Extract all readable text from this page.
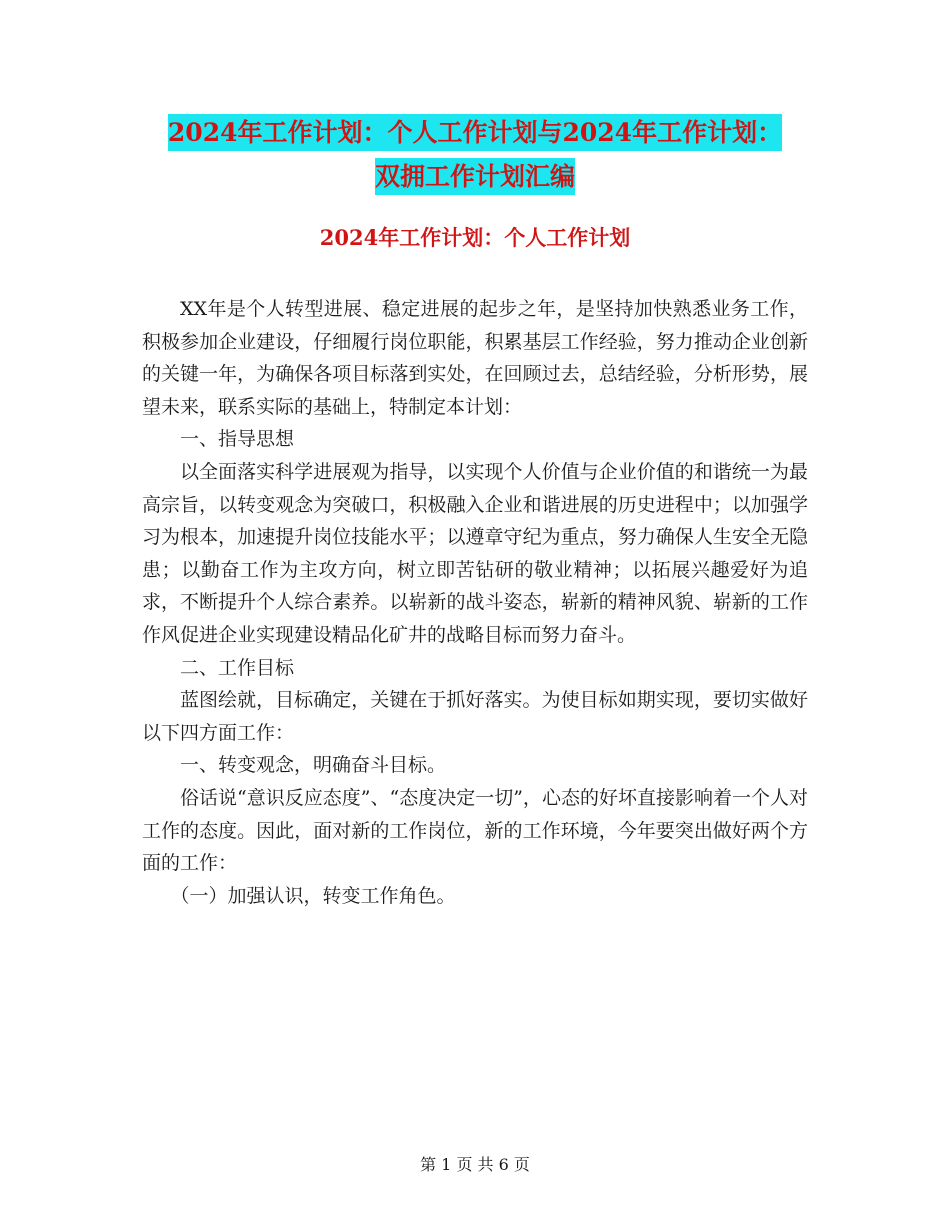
2024年工作计划：个人工作计划与2024年工作计划：
双拥工作计划汇编
2024年工作计划：个人工作计划

XX年是个人转型进展、稳定进展的起步之年，是坚持加快熟悉业务工作，积极参加企业建设，仔细履行岗位职能，积累基层工作经验，努力推动企业创新的关键一年，为确保各项目标落到实处，在回顾过去，总结经验，分析形势，展望未来，联系实际的基础上，特制定本计划：

一、指导思想

以全面落实科学进展观为指导，以实现个人价值与企业价值的和谐统一为最高宗旨，以转变观念为突破口，积极融入企业和谐进展的历史进程中；以加强学习为根本，加速提升岗位技能水平；以遵章守纪为重点，努力确保人生安全无隐患；以勤奋工作为主攻方向，树立即苦钻研的敬业精神；以拓展兴趣爱好为追求，不断提升个人综合素养。以崭新的战斗姿态，崭新的精神风貌、崭新的工作作风促进企业实现建设精品化矿井的战略目标而努力奋斗。

二、工作目标

蓝图绘就，目标确定，关键在于抓好落实。为使目标如期实现，要切实做好以下四方面工作：

一、转变观念，明确奋斗目标。

俗话说“意识反应态度”、“态度决定一切”，心态的好坏直接影响着一个人对工作的态度。因此，面对新的工作岗位，新的工作环境，今年要突出做好两个方面的工作：

（一）加强认识，转变工作角色。

第 1 页 共 6 页
